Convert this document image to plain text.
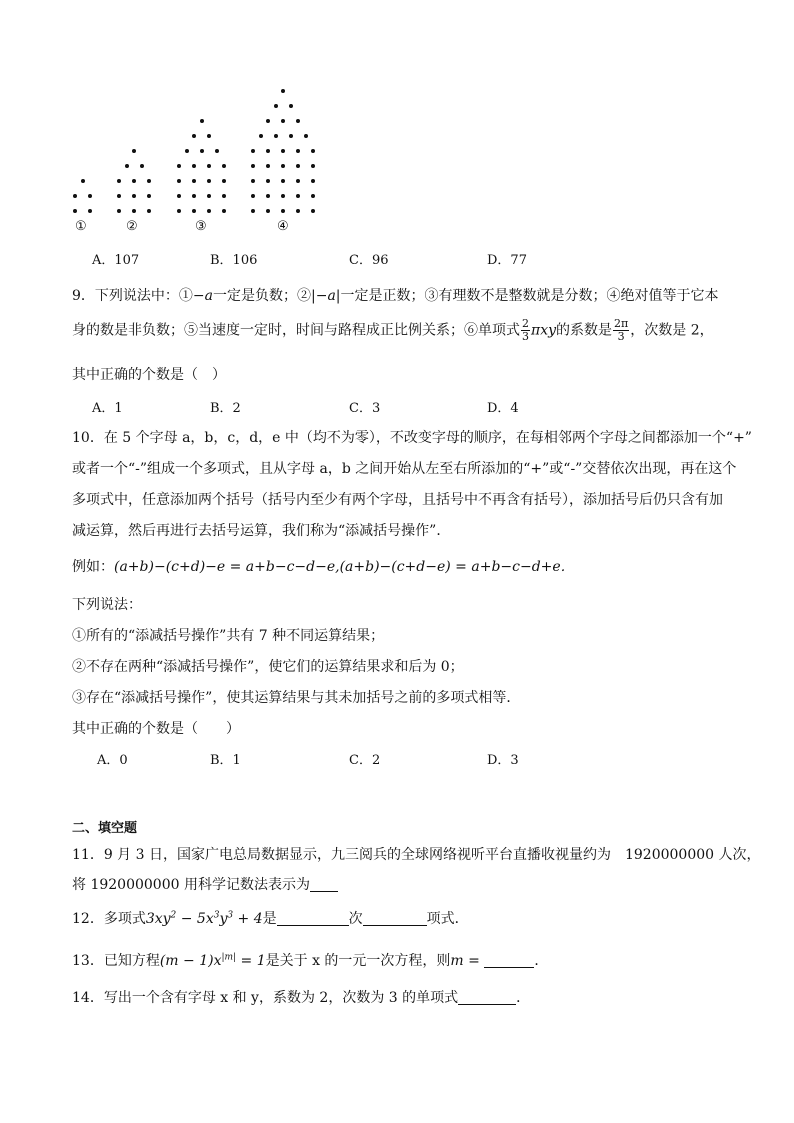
①	②	③	④
A．107	B．106	C．96	D．77
9．下列说法中：①−a一定是负数；②|−a|一定是正数；③有理数不是整数就是分数；④绝对值等于它本
身的数是非负数；⑤当速度一定时，时间与路程成正比例关系；⑥单项式 $\frac{2}{3}$ πxy的系数是 $\frac{2\pi}{3}$ ，次数是 2，
其中正确的个数是（　）
A．1	B．2	C．3	D．4
10．在 5 个字母 a，b，c，d，e 中（均不为零），不改变字母的顺序，在每相邻两个字母之间都添加一个“+”
或者一个“-”组成一个多项式，且从字母 a，b 之间开始从左至右所添加的“+”或“-”交替依次出现，再在这个
多项式中，任意添加两个括号（括号内至少有两个字母，且括号中不再含有括号），添加括号后仍只含有加
减运算，然后再进行去括号运算，我们称为“添减括号操作”．
例如：(a+b)−(c+d)−e = a+b−c−d−e,(a+b)−(c+d−e) = a+b−c−d+e．
下列说法：
①所有的“添减括号操作”共有 7 种不同运算结果；
②不存在两种“添减括号操作”，使它们的运算结果求和后为 0；
③存在“添减括号操作”，使其运算结果与其未加括号之前的多项式相等．
其中正确的个数是（　　）
A．0	B．1	C．2	D．3
二、填空题
11．9 月 3 日，国家广电总局数据显示，九三阅兵的全球网络视听平台直播收视量约为　1920000000 人次，
将 1920000000 用科学记数法表示为
12．多项式$3xy^2 - 5x^3y^3 + 4$是	次	项式．
13．已知方程$(m - 1)x^{|m|} = 1$是关于 x 的一元一次方程，则m =	．
14．写出一个含有字母 x 和 y，系数为 2，次数为 3 的单项式	．
